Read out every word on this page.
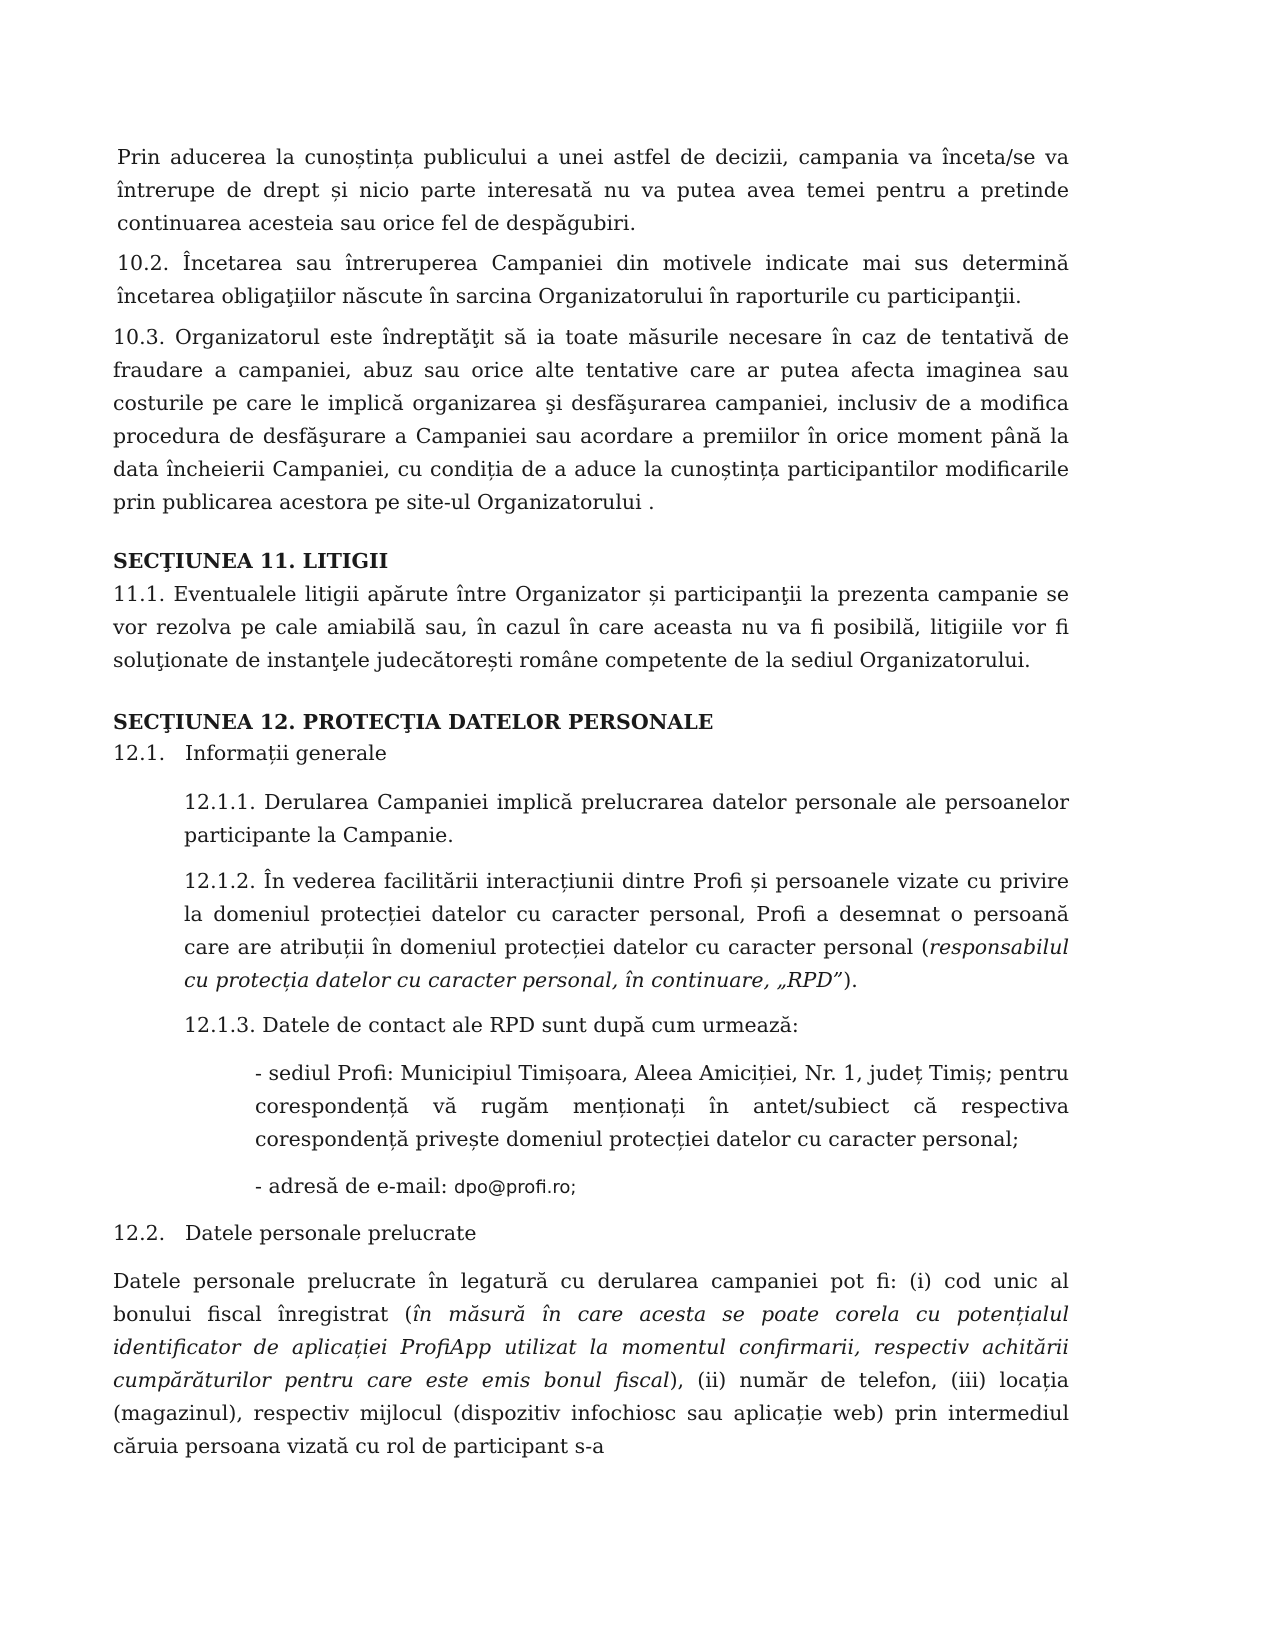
Prin aducerea la cunoștința publicului a unei astfel de decizii, campania va înceta/se va întrerupe de drept și nicio parte interesată nu va putea avea temei pentru a pretinde continuarea acesteia sau orice fel de despăgubiri.

10.2. Încetarea sau întreruperea Campaniei din motivele indicate mai sus determină încetarea obligaţiilor născute în sarcina Organizatorului în raporturile cu participanţii.

10.3. Organizatorul este îndreptăţit să ia toate măsurile necesare în caz de tentativă de fraudare a campaniei, abuz sau orice alte tentative care ar putea afecta imaginea sau costurile pe care le implică organizarea şi desfăşurarea campaniei, inclusiv de a modifica procedura de desfăşurare a Campaniei sau acordare a premiilor în orice moment până la data încheierii Campaniei, cu condiția de a aduce la cunoștința participantilor modificarile prin publicarea acestora pe site-ul Organizatorului .

SECŢIUNEA 11. LITIGII

11.1. Eventualele litigii apărute între Organizator și participanţii la prezenta campanie se vor rezolva pe cale amiabilă sau, în cazul în care aceasta nu va fi posibilă, litigiile vor fi soluţionate de instanţele judecătorești române competente de la sediul Organizatorului.

SECŢIUNEA 12. PROTECŢIA DATELOR PERSONALE

12.1. Informații generale

12.1.1. Derularea Campaniei implică prelucrarea datelor personale ale persoanelor participante la Campanie.

12.1.2. În vederea facilitării interacțiunii dintre Profi și persoanele vizate cu privire la domeniul protecției datelor cu caracter personal, Profi a desemnat o persoană care are atribuții în domeniul protecției datelor cu caracter personal (responsabilul cu protecția datelor cu caracter personal, în continuare, „RPD”).

12.1.3. Datele de contact ale RPD sunt după cum urmează:

- sediul Profi: Municipiul Timișoara, Aleea Amiciției, Nr. 1, județ Timiș; pentru corespondență vă rugăm menționați în antet/subiect că respectiva corespondență privește domeniul protecției datelor cu caracter personal;

- adresă de e-mail: dpo@profi.ro;

12.2. Datele personale prelucrate

Datele personale prelucrate în legatură cu derularea campaniei pot fi: (i) cod unic al bonului fiscal înregistrat (în măsură în care acesta se poate corela cu potențialul identificator de aplicației ProfiApp utilizat la momentul confirmarii, respectiv achitării cumpărăturilor pentru care este emis bonul fiscal), (ii) număr de telefon, (iii) locația (magazinul), respectiv mijlocul (dispozitiv infochiosc sau aplicație web) prin intermediul căruia persoana vizată cu rol de participant s-a
